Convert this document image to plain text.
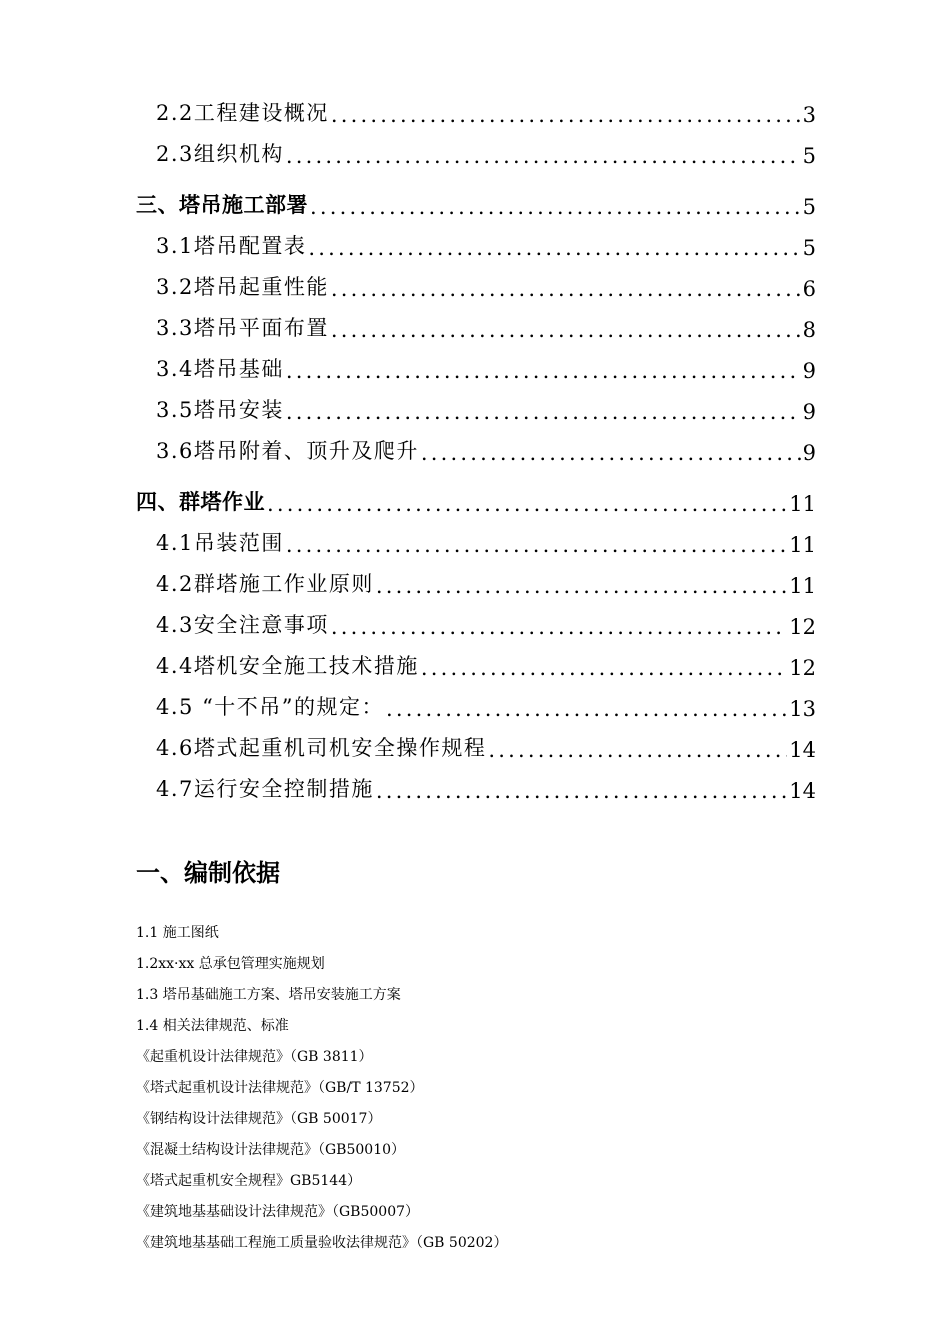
2.2工程建设概况 .....	3
2.3组织机构 .....	5
三、塔吊施工部署 .....	5
3.1塔吊配置表 .....	5
3.2塔吊起重性能 .....	6
3.3塔吊平面布置 .....	8
3.4塔吊基础 .....	9
3.5塔吊安装 .....	9
3.6塔吊附着、顶升及爬升 .....	9
四、群塔作业 .....	11
4.1吊装范围 .....	11
4.2群塔施工作业原则 .....	11
4.3安全注意事项 .....	12
4.4塔机安全施工技术措施 .....	12
4.5 “十不吊”的规定： .....	13
4.6塔式起重机司机安全操作规程 .....	14
4.7运行安全控制措施 .....	14
一、编制依据
1.1 施工图纸
1.2xx·xx 总承包管理实施规划
1.3 塔吊基础施工方案、塔吊安装施工方案
1.4 相关法律规范、标准
《起重机设计法律规范》（GB 3811）
《塔式起重机设计法律规范》（GB/T 13752）
《钢结构设计法律规范》（GB 50017）
《混凝土结构设计法律规范》（GB50010）
《塔式起重机安全规程》GB5144）
《建筑地基基础设计法律规范》（GB50007）
《建筑地基基础工程施工质量验收法律规范》（GB 50202）
